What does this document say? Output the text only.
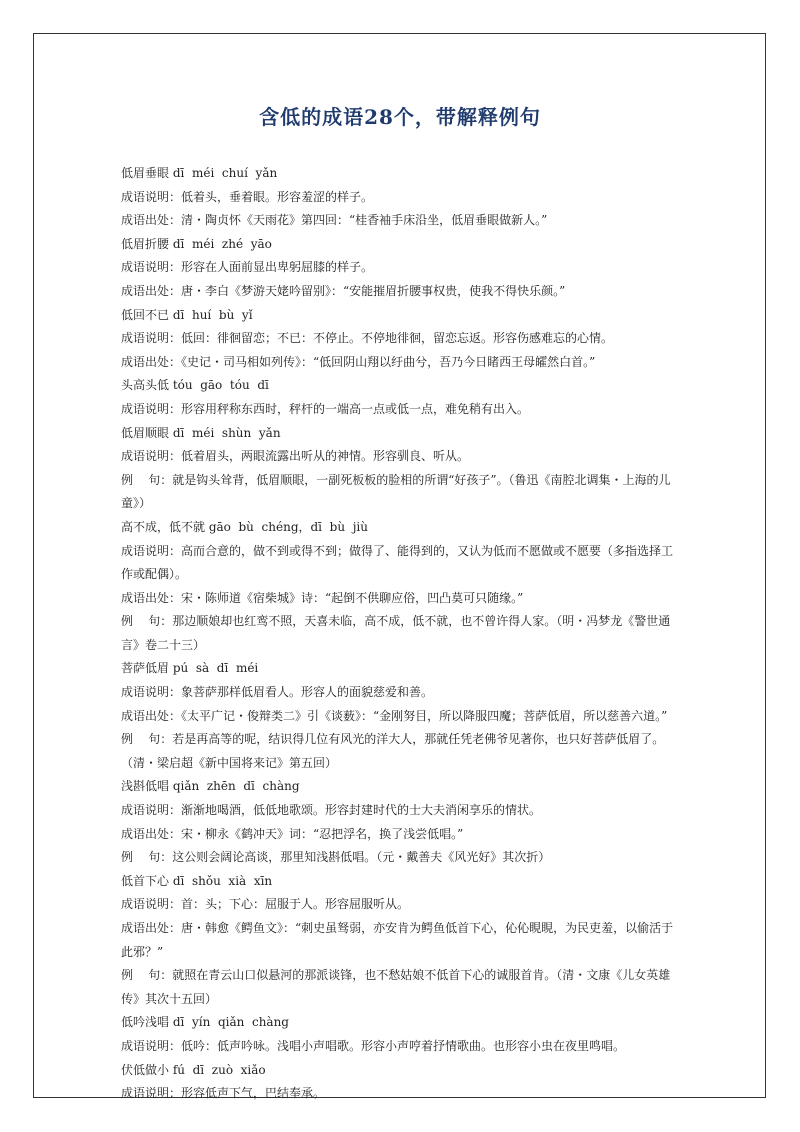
含低的成语28个，带解释例句

低眉垂眼 dī  méi  chuí  yǎn

成语说明：低着头，垂着眼。形容羞涩的样子。

成语出处：清・陶贞怀《天雨花》第四回：“桂香袖手床沿坐，低眉垂眼做新人。”

低眉折腰 dī  méi  zhé  yāo

成语说明：形容在人面前显出卑躬屈膝的样子。

成语出处：唐・李白《梦游天姥吟留别》：“安能摧眉折腰事权贵，使我不得快乐颜。”

低回不已 dī  huí  bù  yǐ

成语说明：低回：徘徊留恋；不已：不停止。不停地徘徊，留恋忘返。形容伤感难忘的心情。

成语出处：《史记・司马相如列传》：“低回阴山翔以纡曲兮，吾乃今日睹西王母皬然白首。”

头高头低 tóu  gāo  tóu  dī

成语说明：形容用秤称东西时，秤杆的一端高一点或低一点，难免稍有出入。

低眉顺眼 dī  méi  shùn  yǎn

成语说明：低着眉头，两眼流露出听从的神情。形容驯良、听从。

例    句：就是钩头耸背，低眉顺眼，一副死板板的脸相的所谓“好孩子”。（鲁迅《南腔北调集・上海的儿童》）

高不成，低不就 gāo  bù  chéng，dī  bù  jiù

成语说明：高而合意的，做不到或得不到；做得了、能得到的，又认为低而不愿做或不愿要（多指选择工作或配偶）。

成语出处：宋・陈师道《宿柴城》诗：“起倒不供聊应俗，凹凸莫可只随缘。”

例    句：那边顺娘却也红鸾不照，天喜未临，高不成，低不就，也不曾许得人家。（明・冯梦龙《警世通言》卷二十三）

菩萨低眉 pú  sà  dī  méi

成语说明：象菩萨那样低眉看人。形容人的面貌慈爱和善。

成语出处：《太平广记・俊辩类二》引《谈薮》：“金刚努目，所以降服四魔；菩萨低眉，所以慈善六道。”

例    句：若是再高等的呢，结识得几位有风光的洋大人，那就任凭老佛爷见著你，也只好菩萨低眉了。（清・梁启超《新中国将来记》第五回）

浅斟低唱 qiǎn  zhēn  dī  chàng

成语说明：渐渐地喝酒，低低地歌颂。形容封建时代的士大夫消闲享乐的情状。

成语出处：宋・柳永《鹤冲天》词：“忍把浮名，换了浅尝低唱。”

例    句：这公则会阔论高谈，那里知浅斟低唱。（元・戴善夫《风光好》其次折）

低首下心 dī  shǒu  xià  xīn

成语说明：首：头；下心：屈服于人。形容屈服听从。

成语出处：唐・韩愈《鳄鱼文》：“刺史虽驽弱，亦安肯为鳄鱼低首下心，伈伈睍睍，为民吏羞，以偷活于此邪？”

例    句：就照在青云山口似悬河的那派谈锋，也不愁姑娘不低首下心的诚服首肯。（清・文康《儿女英雄传》其次十五回）

低吟浅唱 dī  yín  qiǎn  chàng

成语说明：低吟：低声吟咏。浅唱小声唱歌。形容小声哼着抒情歌曲。也形容小虫在夜里鸣唱。

伏低做小 fú  dī  zuò  xiǎo

成语说明：形容低声下气，巴结奉承。
